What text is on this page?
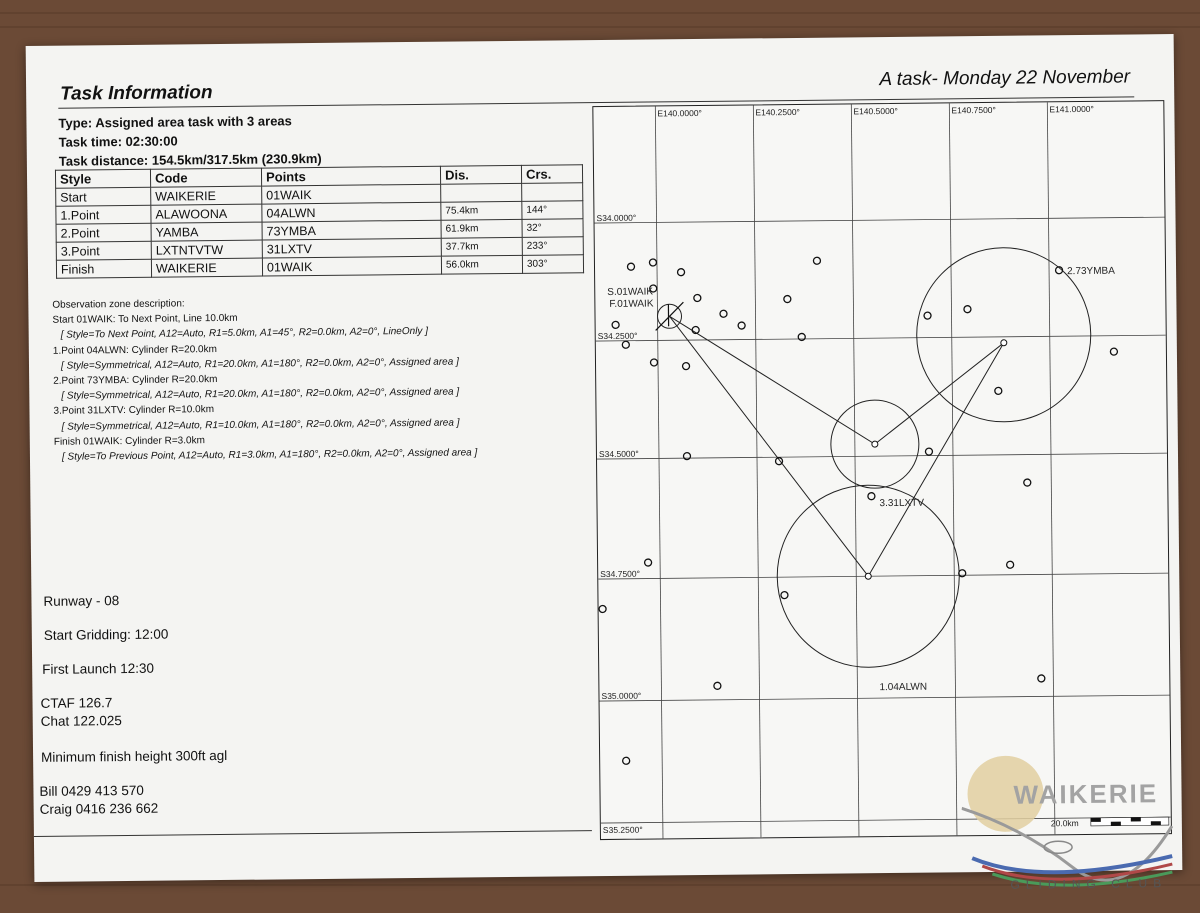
Task Information
A task- Monday 22 November
Type: Assigned area task with 3 areas
Task time: 02:30:00
Task distance: 154.5km/317.5km (230.9km)
Style	Code	Points	Dis.	Crs.
Start	WAIKERIE	01WAIK		
1.Point	ALAWOONA	04ALWN	75.4km	144°
2.Point	YAMBA	73YMBA	61.9km	32°
3.Point	LXTNTVTW	31LXTV	37.7km	233°
Finish	WAIKERIE	01WAIK	56.0km	303°
Observation zone description:
Start 01WAIK: To Next Point, Line 10.0km
[ Style=To Next Point, A12=Auto, R1=5.0km, A1=45°, R2=0.0km, A2=0°, LineOnly ]
1.Point 04ALWN: Cylinder R=20.0km
[ Style=Symmetrical, A12=Auto, R1=20.0km, A1=180°, R2=0.0km, A2=0°, Assigned area ]
2.Point 73YMBA: Cylinder R=20.0km
[ Style=Symmetrical, A12=Auto, R1=20.0km, A1=180°, R2=0.0km, A2=0°, Assigned area ]
3.Point 31LXTV: Cylinder R=10.0km
[ Style=Symmetrical, A12=Auto, R1=10.0km, A1=180°, R2=0.0km, A2=0°, Assigned area ]
Finish 01WAIK: Cylinder R=3.0km
[ Style=To Previous Point, A12=Auto, R1=3.0km, A1=180°, R2=0.0km, A2=0°, Assigned area ]
Runway - 08
Start Gridding: 12:00
First Launch 12:30
CTAF 126.7
Chat 122.025
Minimum finish height 300ft agl
Bill 0429 413 570
Craig 0416 236 662
E140.0000°	E140.2500°	E140.5000°	E140.7500°	E141.0000°
S34.0000°
S34.2500°
S34.5000°
S34.7500°
S35.0000°
S35.2500°
S.01WAIK
F.01WAIK
2.73YMBA
3.31LXTV
1.04ALWN
20.0km
WAIKERIE
GLIDING CLUB
